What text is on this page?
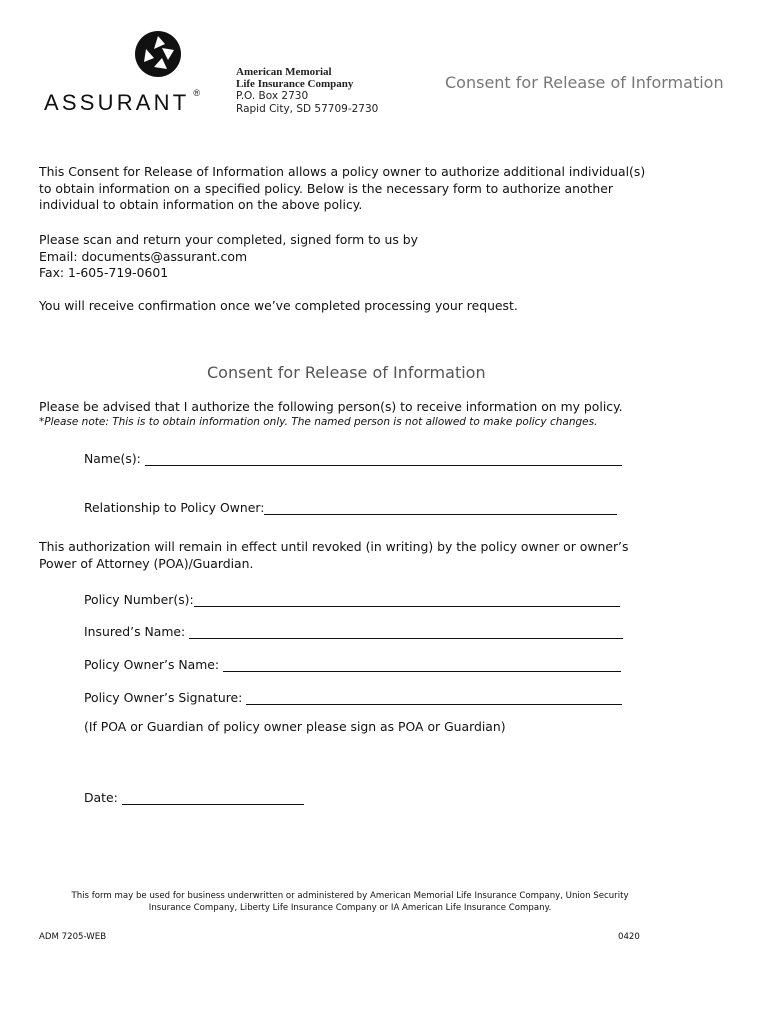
ASSURANT ®
American Memorial
Life Insurance Company
P.O. Box 2730
Rapid City, SD 57709-2730
Consent for Release of Information
This Consent for Release of Information allows a policy owner to authorize additional individual(s)
to obtain information on a specified policy. Below is the necessary form to authorize another
individual to obtain information on the above policy.
Please scan and return your completed, signed form to us by
Email: documents@assurant.com
Fax: 1-605-719-0601
You will receive confirmation once we’ve completed processing your request.
Consent for Release of Information
Please be advised that I authorize the following person(s) to receive information on my policy.
*Please note: This is to obtain information only. The named person is not allowed to make policy changes.
Name(s):
Relationship to Policy Owner:
This authorization will remain in effect until revoked (in writing) by the policy owner or owner’s
Power of Attorney (POA)/Guardian.
Policy Number(s):
Insured’s Name:
Policy Owner’s Name:
Policy Owner’s Signature:
(If POA or Guardian of policy owner please sign as POA or Guardian)
Date:
This form may be used for business underwritten or administered by American Memorial Life Insurance Company, Union Security
Insurance Company, Liberty Life Insurance Company or IA American Life Insurance Company.
ADM 7205-WEB	0420
